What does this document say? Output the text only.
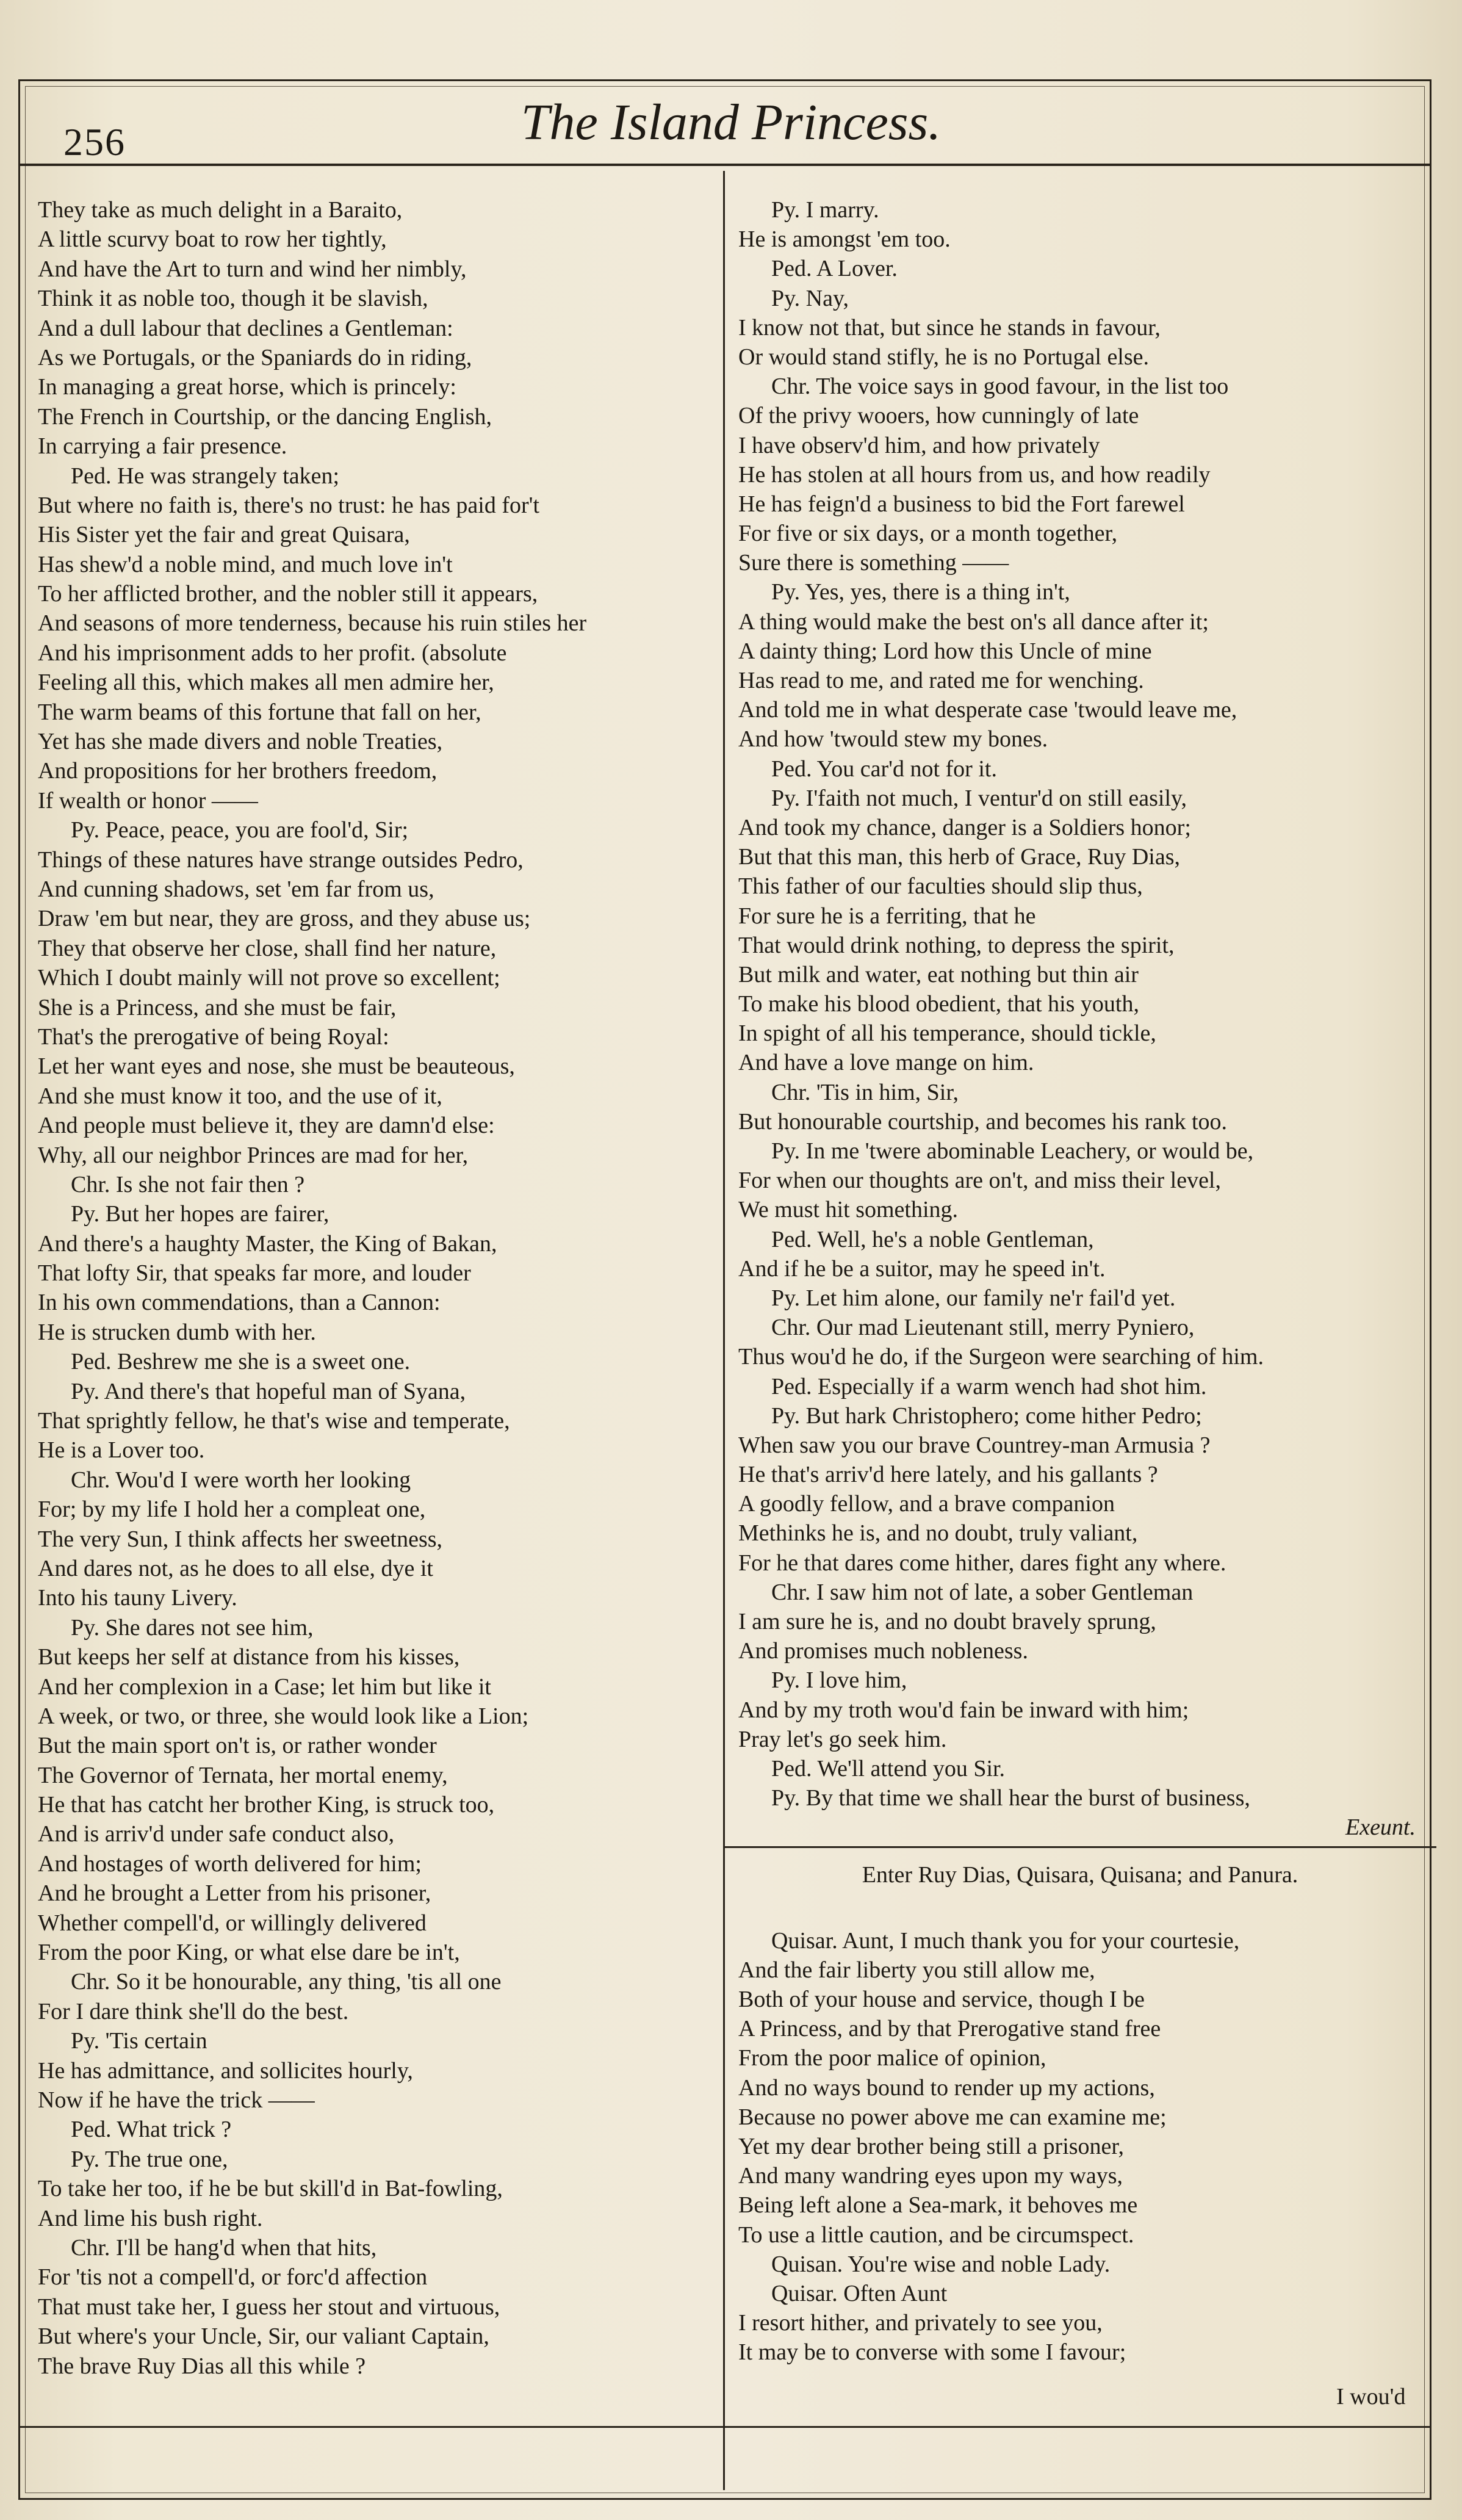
256	The Island Princess.
They take as much delight in a Baraito,
A little scurvy boat to row her tightly,
And have the Art to turn and wind her nimbly,
Think it as noble too, though it be slavish,
And a dull labour that declines a Gentleman:
As we Portugals, or the Spaniards do in riding,
In managing a great horse, which is princely:
The French in Courtship, or the dancing English,
In carrying a fair presence.
Ped. He was strangely taken;
But where no faith is, there's no trust: he has paid for't
His Sister yet the fair and great Quisara,
Has shew'd a noble mind, and much love in't
To her afflicted brother, and the nobler still it appears,
And seasons of more tenderness, because his ruin stiles her
And his imprisonment adds to her profit. (absolute
Feeling all this, which makes all men admire her,
The warm beams of this fortune that fall on her,
Yet has she made divers and noble Treaties,
And propositions for her brothers freedom,
If wealth or honor ——
Py. Peace, peace, you are fool'd, Sir;
Things of these natures have strange outsides Pedro,
And cunning shadows, set 'em far from us,
Draw 'em but near, they are gross, and they abuse us;
They that observe her close, shall find her nature,
Which I doubt mainly will not prove so excellent;
She is a Princess, and she must be fair,
That's the prerogative of being Royal:
Let her want eyes and nose, she must be beauteous,
And she must know it too, and the use of it,
And people must believe it, they are damn'd else:
Why, all our neighbor Princes are mad for her,
Chr. Is she not fair then ?
Py. But her hopes are fairer,
And there's a haughty Master, the King of Bakan,
That lofty Sir, that speaks far more, and louder
In his own commendations, than a Cannon:
He is strucken dumb with her.
Ped. Beshrew me she is a sweet one.
Py. And there's that hopeful man of Syana,
That sprightly fellow, he that's wise and temperate,
He is a Lover too.
Chr. Wou'd I were worth her looking
For; by my life I hold her a compleat one,
The very Sun, I think affects her sweetness,
And dares not, as he does to all else, dye it
Into his tauny Livery.
Py. She dares not see him,
But keeps her self at distance from his kisses,
And her complexion in a Case; let him but like it
A week, or two, or three, she would look like a Lion;
But the main sport on't is, or rather wonder
The Governor of Ternata, her mortal enemy,
He that has catcht her brother King, is struck too,
And is arriv'd under safe conduct also,
And hostages of worth delivered for him;
And he brought a Letter from his prisoner,
Whether compell'd, or willingly delivered
From the poor King, or what else dare be in't,
Chr. So it be honourable, any thing, 'tis all one
For I dare think she'll do the best.
Py. 'Tis certain
He has admittance, and sollicites hourly,
Now if he have the trick ——
Ped. What trick ?
Py. The true one,
To take her too, if he be but skill'd in Bat-fowling,
And lime his bush right.
Chr. I'll be hang'd when that hits,
For 'tis not a compell'd, or forc'd affection
That must take her, I guess her stout and virtuous,
But where's your Uncle, Sir, our valiant Captain,
The brave Ruy Dias all this while ?
Py. I marry.
He is amongst 'em too.
Ped. A Lover.
Py. Nay,
I know not that, but since he stands in favour,
Or would stand stifly, he is no Portugal else.
Chr. The voice says in good favour, in the list too
Of the privy wooers, how cunningly of late
I have observ'd him, and how privately
He has stolen at all hours from us, and how readily
He has feign'd a business to bid the Fort farewel
For five or six days, or a month together,
Sure there is something ——
Py. Yes, yes, there is a thing in't,
A thing would make the best on's all dance after it;
A dainty thing; Lord how this Uncle of mine
Has read to me, and rated me for wenching.
And told me in what desperate case 'twould leave me,
And how 'twould stew my bones.
Ped. You car'd not for it.
Py. I'faith not much, I ventur'd on still easily,
And took my chance, danger is a Soldiers honor;
But that this man, this herb of Grace, Ruy Dias,
This father of our faculties should slip thus,
For sure he is a ferriting, that he
That would drink nothing, to depress the spirit,
But milk and water, eat nothing but thin air
To make his blood obedient, that his youth,
In spight of all his temperance, should tickle,
And have a love mange on him.
Chr. 'Tis in him, Sir,
But honourable courtship, and becomes his rank too.
Py. In me 'twere abominable Leachery, or would be,
For when our thoughts are on't, and miss their level,
We must hit something.
Ped. Well, he's a noble Gentleman,
And if he be a suitor, may he speed in't.
Py. Let him alone, our family ne'r fail'd yet.
Chr. Our mad Lieutenant still, merry Pyniero,
Thus wou'd he do, if the Surgeon were searching of him.
Ped. Especially if a warm wench had shot him.
Py. But hark Christophero; come hither Pedro;
When saw you our brave Countrey-man Armusia ?
He that's arriv'd here lately, and his gallants ?
A goodly fellow, and a brave companion
Methinks he is, and no doubt, truly valiant,
For he that dares come hither, dares fight any where.
Chr. I saw him not of late, a sober Gentleman
I am sure he is, and no doubt bravely sprung,
And promises much nobleness.
Py. I love him,
And by my troth wou'd fain be inward with him;
Pray let's go seek him.
Ped. We'll attend you Sir.
Py. By that time we shall hear the burst of business,
Exeunt.
Enter Ruy Dias, Quisara, Quisana; and Panura.
Quisar. Aunt, I much thank you for your courtesie,
And the fair liberty you still allow me,
Both of your house and service, though I be
A Princess, and by that Prerogative stand free
From the poor malice of opinion,
And no ways bound to render up my actions,
Because no power above me can examine me;
Yet my dear brother being still a prisoner,
And many wandring eyes upon my ways,
Being left alone a Sea-mark, it behoves me
To use a little caution, and be circumspect.
Quisan. You're wise and noble Lady.
Quisar. Often Aunt
I resort hither, and privately to see you,
It may be to converse with some I favour;
I wou'd
